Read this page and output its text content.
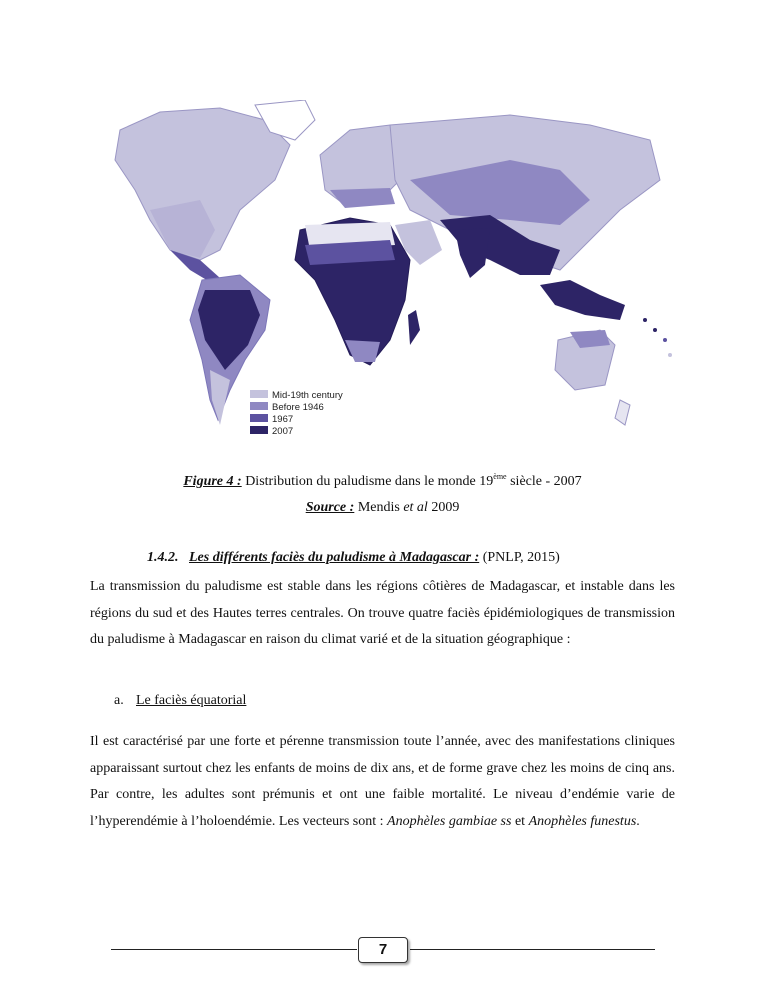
Mid-19th century
Before 1946
1967
2007
Figure 4 : Distribution du paludisme dans le monde 19ème siècle - 2007
Source : Mendis et al 2009
1.4.2. Les différents faciès du paludisme à Madagascar : (PNLP, 2015)
La transmission du paludisme est stable dans les régions côtières de Madagascar, et instable dans les régions du sud et des Hautes terres centrales. On trouve quatre faciès épidémiologiques de transmission du paludisme à Madagascar en raison du climat varié et de la situation géographique :
a. Le faciès équatorial
Il est caractérisé par une forte et pérenne transmission toute l’année, avec des manifestations cliniques apparaissant surtout chez les enfants de moins de dix ans, et de forme grave chez les moins de cinq ans. Par contre, les adultes sont prémunis et ont une faible mortalité. Le niveau d’endémie varie de l’hyperendémie à l’holoendémie. Les vecteurs sont : Anophèles gambiae ss et Anophèles funestus.
7
